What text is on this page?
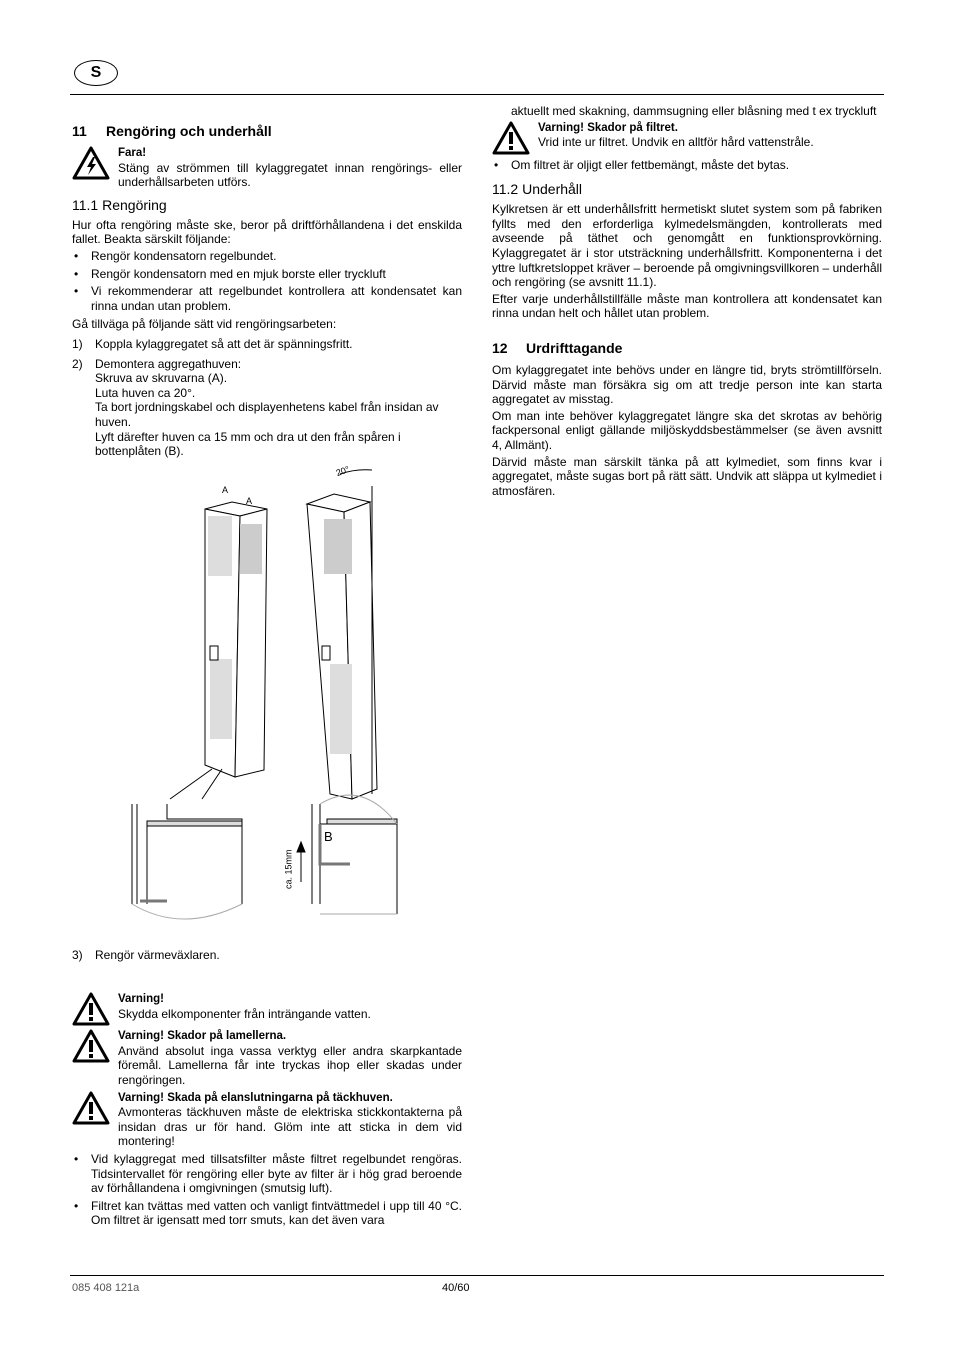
S
11 Rengöring och underhåll
Fara!
Stäng av strömmen till kylaggregatet innan rengörings- eller underhållsarbeten utförs.
11.1 Rengöring

Hur ofta rengöring måste ske, beror på driftförhållandena i det enskilda fallet. Beakta särskilt följande:

• Rengör kondensatorn regelbundet.
• Rengör kondensatorn med en mjuk borste eller tryckluft
• Vi rekommenderar att regelbundet kontrollera att kondensatet kan rinna undan utan problem.

Gå tillväga på följande sätt vid rengöringsarbeten:

1) Koppla kylaggregatet så att det är spänningsfritt.
2) Demontera aggregathuven:
Skruva av skruvarna (A).
Luta huven ca 20°.
Ta bort jordningskabel och displayenhetens kabel från insidan av huven.
Lyft därefter huven ca 15 mm och dra ut den från spåren i bottenplåten (B).
A
A
20°
B
ca. 15mm
3) Rengör värmeväxlaren.
Varning!
Skydda elkomponenter från inträngande vatten.
Varning! Skador på lamellerna.
Använd absolut inga vassa verktyg eller andra skarpkantade föremål. Lamellerna får inte tryckas ihop eller skadas under rengöringen.
Varning! Skada på elanslutningarna på täckhuven.
Avmonteras täckhuven måste de elektriska stickkontakterna på insidan dras ur för hand. Glöm inte att sticka in dem vid montering!
• Vid kylaggregat med tillsatsfilter måste filtret regelbundet rengöras. Tidsintervallet för rengöring eller byte av filter är i hög grad beroende av förhållandena i omgivningen (smutsig luft).
• Filtret kan tvättas med vatten och vanligt fintvättmedel i upp till 40 °C. Om filtret är igensatt med torr smuts, kan det även vara

aktuellt med skakning, dammsugning eller blåsning med t ex tryckluft

Varning! Skador på filtret.
Vrid inte ur filtret. Undvik en alltför hård vattenstråle.
• Om filtret är oljigt eller fettbemängt, måste det bytas.
11.2 Underhåll

Kylkretsen är ett underhållsfritt hermetiskt slutet system som på fabriken fyllts med den erforderliga kylmedelsmängden, kontrollerats med avseende på täthet och genomgått en funktionsprovkörning. Kylaggregatet är i stor utsträckning underhållsfritt. Komponenterna i det yttre luftkretsloppet kräver – beroende på omgivningsvillkoren – underhåll och rengöring (se avsnitt 11.1).

Efter varje underhållstillfälle måste man kontrollera att kondensatet kan rinna undan helt och hållet utan problem.

12 Urdrifttagande

Om kylaggregatet inte behövs under en längre tid, bryts strömtillförseln. Därvid måste man försäkra sig om att tredje person inte kan starta aggregatet av misstag.

Om man inte behöver kylaggregatet längre ska det skrotas av behörig fackpersonal enligt gällande miljöskyddsbestämmelser (se även avsnitt 4, Allmänt).

Därvid måste man särskilt tänka på att kylmediet, som finns kvar i aggregatet, måste sugas bort på rätt sätt. Undvik att släppa ut kylmediet i atmosfären.

085 408 121a	40/60
